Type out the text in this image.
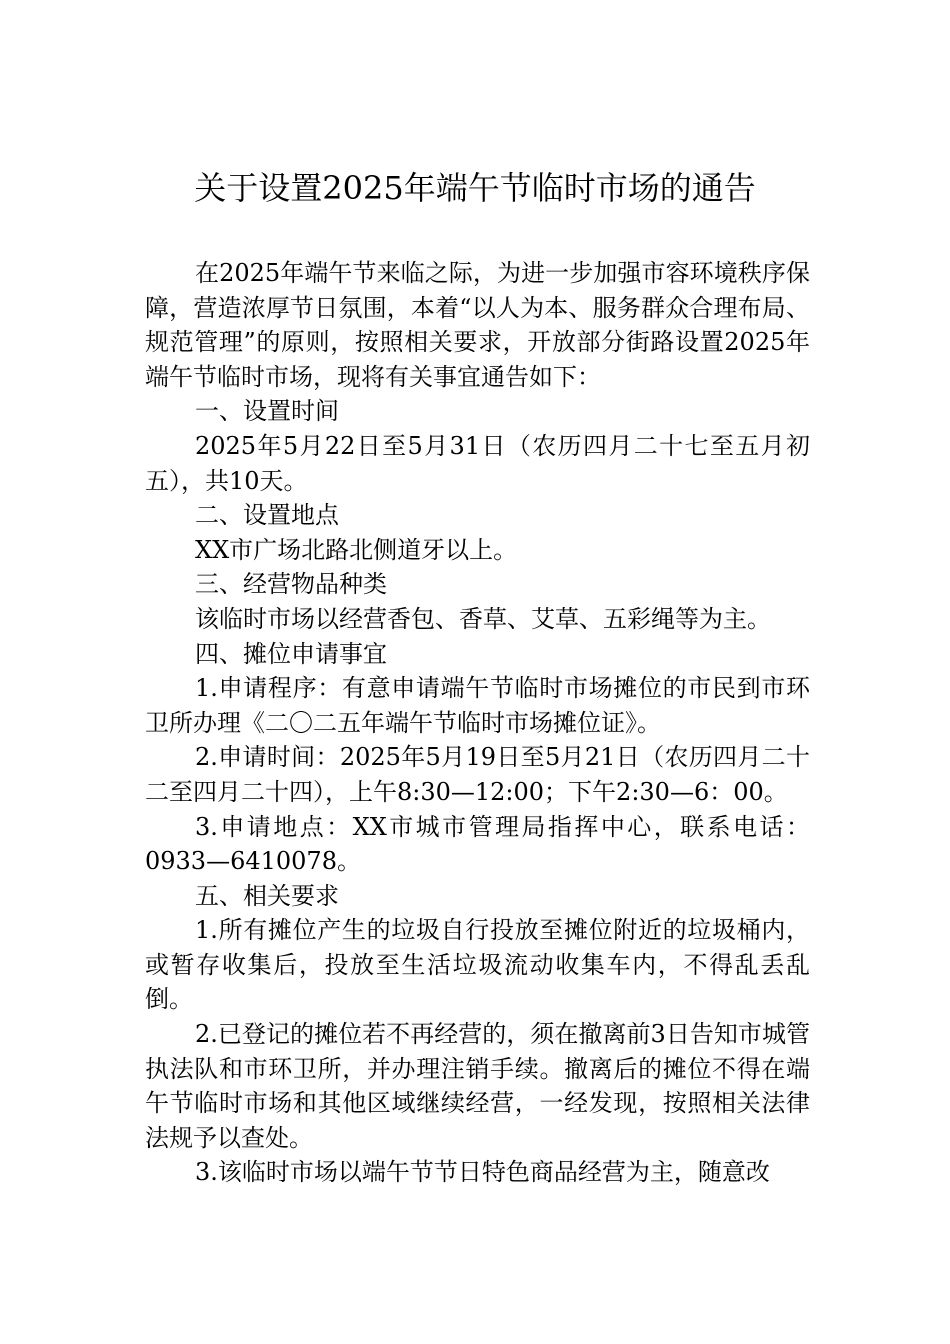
关于设置2025年端午节临时市场的通告

在2025年端午节来临之际，为进一步加强市容环境秩序保障，营造浓厚节日氛围，本着“以人为本、服务群众合理布局、规范管理”的原则，按照相关要求，开放部分街路设置2025年端午节临时市场，现将有关事宜通告如下：

一、设置时间

2025年5月22日至5月31日（农历四月二十七至五月初五），共10天。

二、设置地点

XX市广场北路北侧道牙以上。

三、经营物品种类

该临时市场以经营香包、香草、艾草、五彩绳等为主。

四、摊位申请事宜

1.申请程序：有意申请端午节临时市场摊位的市民到市环卫所办理《二〇二五年端午节临时市场摊位证》。

2.申请时间：2025年5月19日至5月21日（农历四月二十二至四月二十四），上午8:30—12:00；下午2:30—6：00。

3.申请地点：XX市城市管理局指挥中心，联系电话：0933—6410078。

五、相关要求

1.所有摊位产生的垃圾自行投放至摊位附近的垃圾桶内，或暂存收集后，投放至生活垃圾流动收集车内，不得乱丢乱倒。

2.已登记的摊位若不再经营的，须在撤离前3日告知市城管执法队和市环卫所，并办理注销手续。撤离后的摊位不得在端午节临时市场和其他区域继续经营，一经发现，按照相关法律法规予以查处。

3.该临时市场以端午节节日特色商品经营为主，随意改
